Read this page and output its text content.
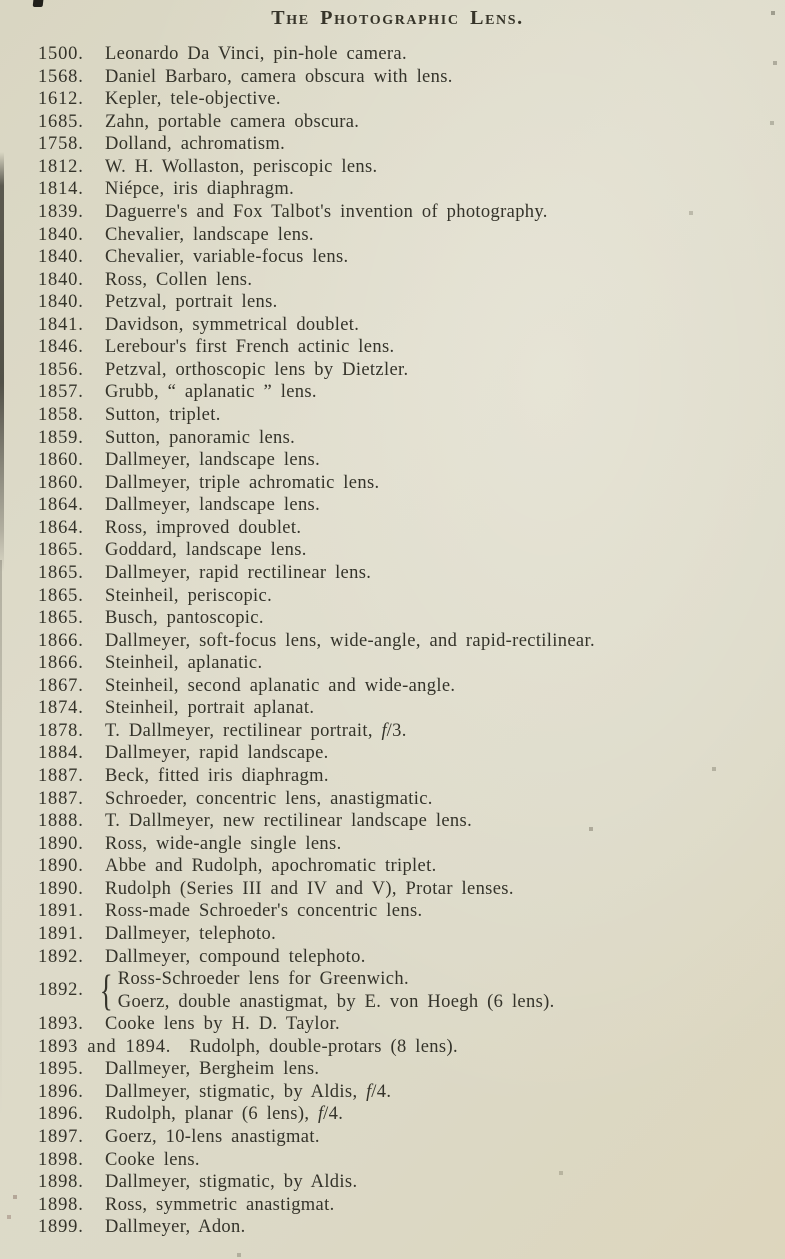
The Photographic Lens.
1500.	Leonardo Da Vinci, pin-hole camera.
1568.	Daniel Barbaro, camera obscura with lens.
1612.	Kepler, tele-objective.
1685.	Zahn, portable camera obscura.
1758.	Dolland, achromatism.
1812.	W. H. Wollaston, periscopic lens.
1814.	Niépce, iris diaphragm.
1839.	Daguerre's and Fox Talbot's invention of photography.
1840.	Chevalier, landscape lens.
1840.	Chevalier, variable-focus lens.
1840.	Ross, Collen lens.
1840.	Petzval, portrait lens.
1841.	Davidson, symmetrical doublet.
1846.	Lerebour's first French actinic lens.
1856.	Petzval, orthoscopic lens by Dietzler.
1857.	Grubb, “ aplanatic ” lens.
1858.	Sutton, triplet.
1859.	Sutton, panoramic lens.
1860.	Dallmeyer, landscape lens.
1860.	Dallmeyer, triple achromatic lens.
1864.	Dallmeyer, landscape lens.
1864.	Ross, improved doublet.
1865.	Goddard, landscape lens.
1865.	Dallmeyer, rapid rectilinear lens.
1865.	Steinheil, periscopic.
1865.	Busch, pantoscopic.
1866.	Dallmeyer, soft-focus lens, wide-angle, and rapid-rectilinear.
1866.	Steinheil, aplanatic.
1867.	Steinheil, second aplanatic and wide-angle.
1874.	Steinheil, portrait aplanat.
1878.	T. Dallmeyer, rectilinear portrait, f/3.
1884.	Dallmeyer, rapid landscape.
1887.	Beck, fitted iris diaphragm.
1887.	Schroeder, concentric lens, anastigmatic.
1888.	T. Dallmeyer, new rectilinear landscape lens.
1890.	Ross, wide-angle single lens.
1890.	Abbe and Rudolph, apochromatic triplet.
1890.	Rudolph (Series III and IV and V), Protar lenses.
1891.	Ross-made Schroeder's concentric lens.
1891.	Dallmeyer, telephoto.
1892.	Dallmeyer, compound telephoto.
1892. { Ross-Schroeder lens for Greenwich.
Goerz, double anastigmat, by E. von Hoegh (6 lens).
1893.	Cooke lens by H. D. Taylor.
1893 and 1894. Rudolph, double-protars (8 lens).
1895.	Dallmeyer, Bergheim lens.
1896.	Dallmeyer, stigmatic, by Aldis, f/4.
1896.	Rudolph, planar (6 lens), f/4.
1897.	Goerz, 10-lens anastigmat.
1898.	Cooke lens.
1898.	Dallmeyer, stigmatic, by Aldis.
1898.	Ross, symmetric anastigmat.
1899.	Dallmeyer, Adon.
